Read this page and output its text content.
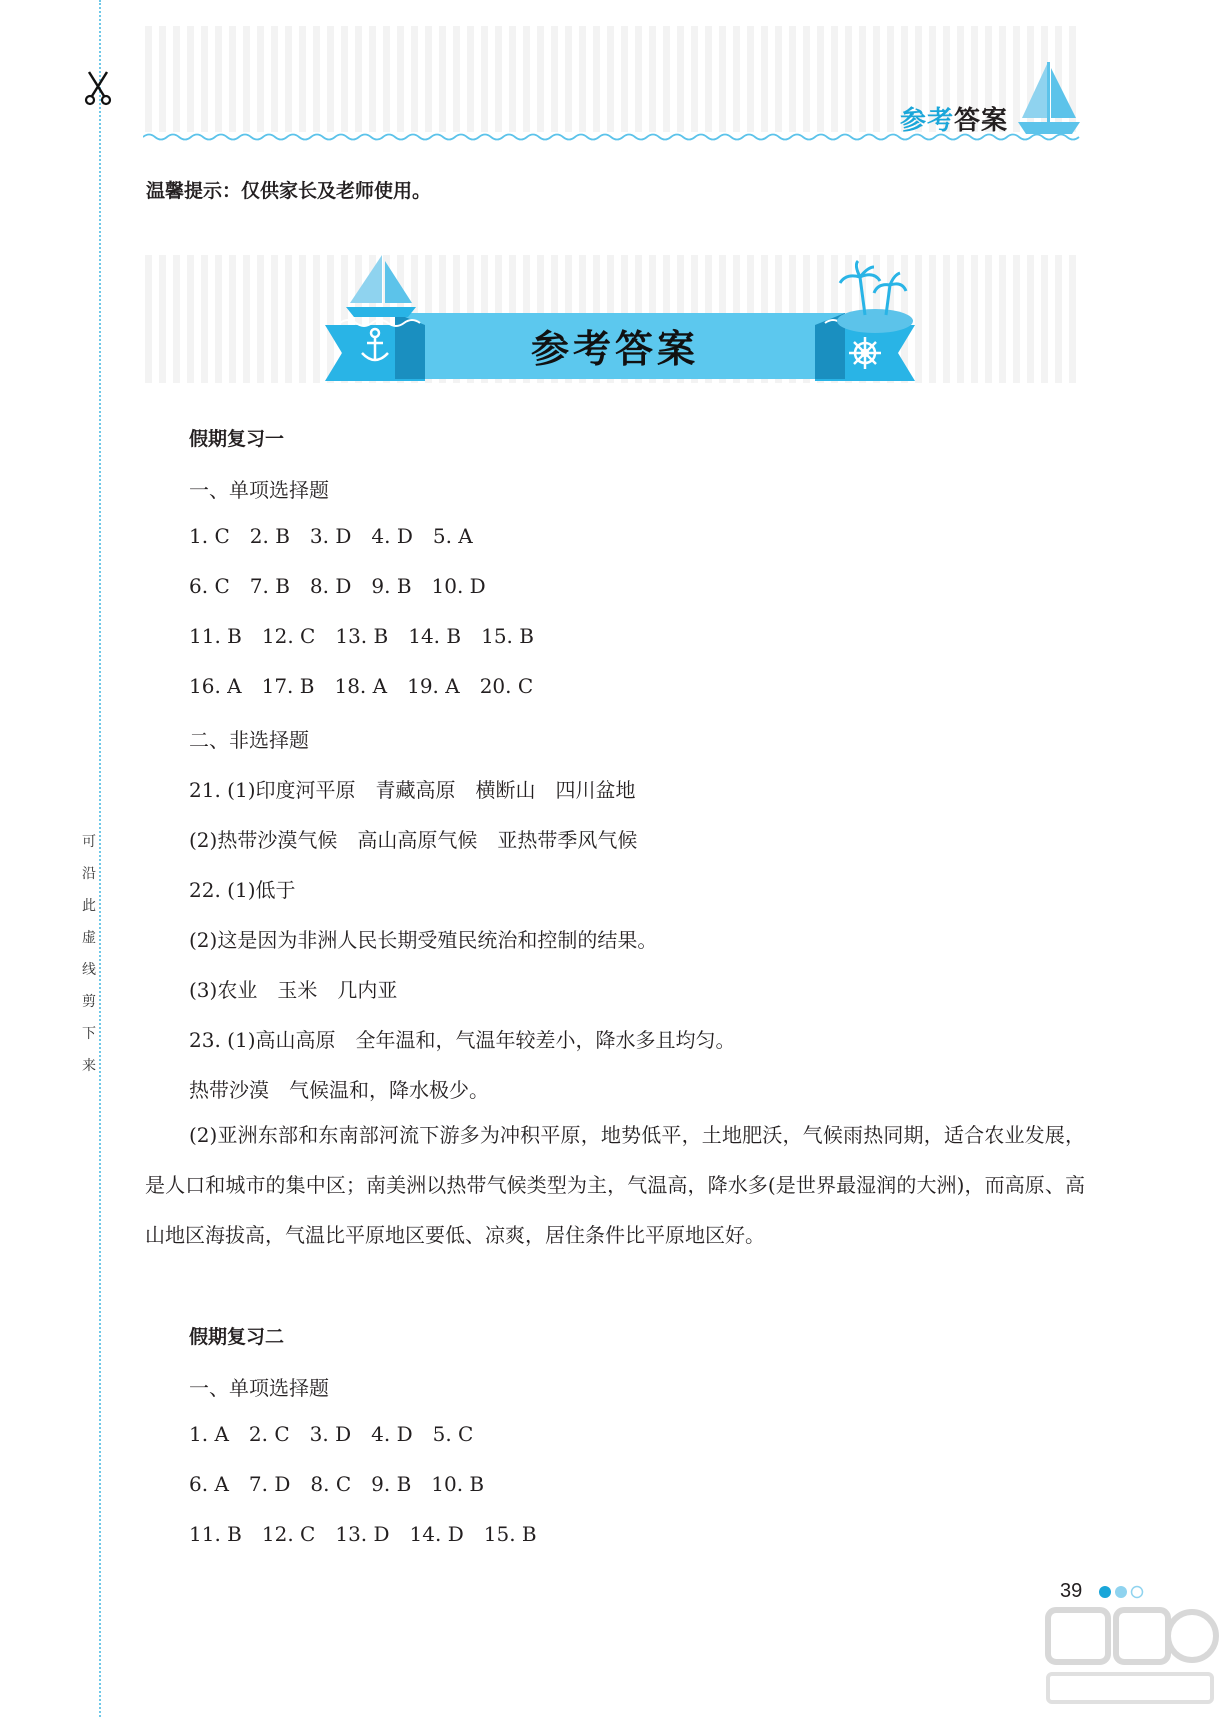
可
沿
此
虚
线
剪
下
来
参考答案
温馨提示：仅供家长及老师使用。
参考答案
假期复习一
一、单项选择题
1. C 2. B 3. D 4. D 5. A
6. C 7. B 8. D 9. B 10. D
11. B 12. C 13. B 14. B 15. B
16. A 17. B 18. A 19. A 20. C
二、非选择题
21. (1)印度河平原　青藏高原　横断山　四川盆地
(2)热带沙漠气候　高山高原气候　亚热带季风气候
22. (1)低于
(2)这是因为非洲人民长期受殖民统治和控制的结果。
(3)农业　玉米　几内亚
23. (1)高山高原　全年温和，气温年较差小，降水多且均匀。
热带沙漠　气候温和，降水极少。
(2)亚洲东部和东南部河流下游多为冲积平原，地势低平，土地肥沃，气候雨热同期，适合农业发展，是人口和城市的集中区；南美洲以热带气候类型为主，气温高，降水多(是世界最湿润的大洲)，而高原、高山地区海拔高，气温比平原地区要低、凉爽，居住条件比平原地区好。
假期复习二
一、单项选择题
1. A 2. C 3. D 4. D 5. C
6. A 7. D 8. C 9. B 10. B
11. B 12. C 13. D 14. D 15. B
39
